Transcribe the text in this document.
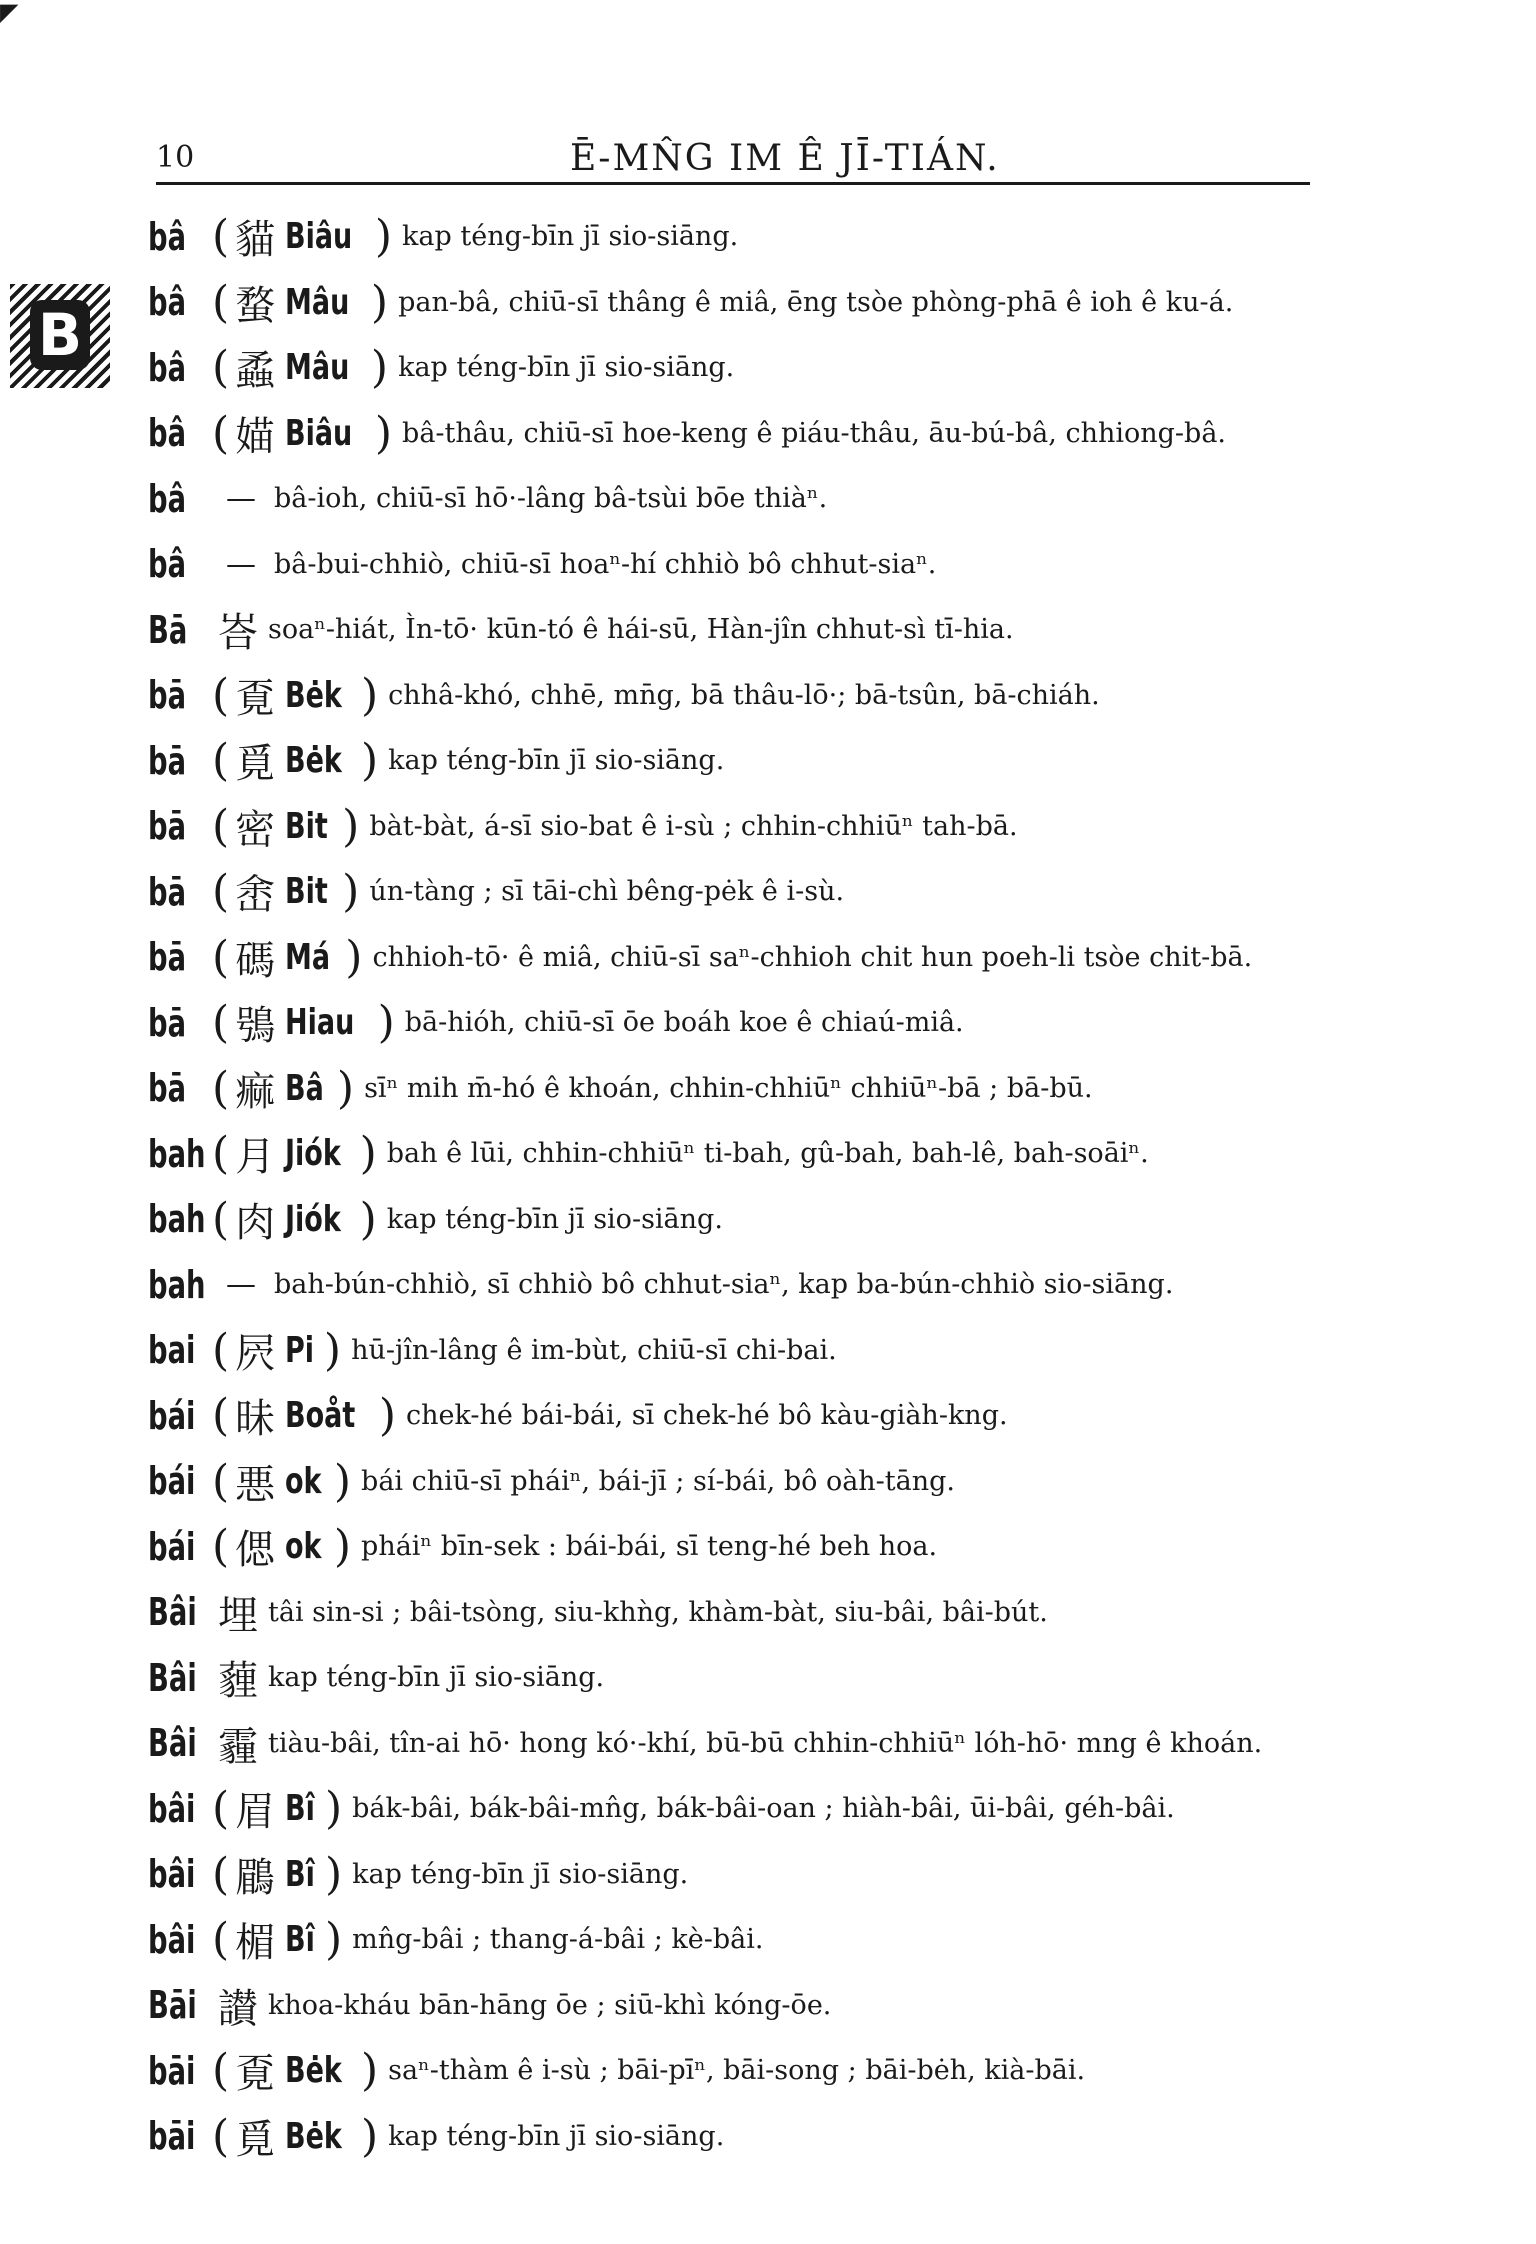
◤
10	Ē-MN̂G IM Ê JĪ-TIÁN.
B
bâ ( 貓 Biâu ) kap téng-bīn jī sio-siāng.
bâ ( 蝥 Mâu ) pan-bâ, chiū-sī thâng ê miâ, ēng tsòe phòng-phā ê ioh ê ku-á.
bâ ( 蟊 Mâu ) kap téng-bīn jī sio-siāng.
bâ ( 媌 Biâu ) bâ-thâu, chiū-sī hoe-keng ê piáu-thâu, āu-bú-bâ, chhiong-bâ.
bâ — bâ-ioh, chiū-sī hō·-lâng bâ-tsùi bōe thiàⁿ.
bâ — bâ-bui-chhiò, chiū-sī hoaⁿ-hí chhiò bô chhut-siaⁿ.
Bā 峇 soaⁿ-hiát, Ìn-tō· kūn-tó ê hái-sū, Hàn-jîn chhut-sì tī-hia.
bā ( 覔 Bėk ) chhâ-khó, chhē, mn̄g, bā thâu-lō·; bā-tsûn, bā-chiáh.
bā ( 覓 Bėk ) kap téng-bīn jī sio-siāng.
bā ( 密 Bit ) bàt-bàt, á-sī sio-bat ê i-sù ; chhin-chhiūⁿ tah-bā.
bā ( 峹 Bit ) ún-tàng ; sī tāi-chì bêng-pėk ê i-sù.
bā ( 碼 Má ) chhioh-tō· ê miâ, chiū-sī saⁿ-chhioh chit hun poeh-li tsòe chit-bā.
bā ( 鴞 Hiau ) bā-hióh, chiū-sī ōe boáh koe ê chiaú-miâ.
bā ( 痲 Bâ ) sīⁿ mih m̄-hó ê khoán, chhin-chhiūⁿ chhiūⁿ-bā ; bā-bū.
bah ( 月 Jiók ) bah ê lūi, chhin-chhiūⁿ ti-bah, gû-bah, bah-lê, bah-soāiⁿ.
bah ( 肉 Jiók ) kap téng-bīn jī sio-siāng.
bah — bah-bún-chhiò, sī chhiò bô chhut-siaⁿ, kap ba-bún-chhiò sio-siāng.
bai ( 屄 Pi ) hū-jîn-lâng ê im-bùt, chiū-sī chi-bai.
bái ( 昧 Boåt ) chek-hé bái-bái, sī chek-hé bô kàu-giàh-kng.
bái ( 悪 ok ) bái chiū-sī pháiⁿ, bái-jī ; sí-bái, bô oàh-tāng.
bái ( 偲 ok ) pháiⁿ bīn-sek : bái-bái, sī teng-hé beh hoa.
Bâi 埋 tâi sin-si ; bâi-tsòng, siu-khǹg, khàm-bàt, siu-bâi, bâi-bút.
Bâi 薶 kap téng-bīn jī sio-siāng.
Bâi 霾 tiàu-bâi, tîn-ai hō· hong kó·-khí, bū-bū chhin-chhiūⁿ lóh-hō· mng ê khoán.
bâi ( 眉 Bî ) bák-bâi, bák-bâi-mn̂g, bák-bâi-oan ; hiàh-bâi, ūi-bâi, géh-bâi.
bâi ( 鶥 Bî ) kap téng-bīn jī sio-siāng.
bâi ( 楣 Bî ) mn̂g-bâi ; thang-á-bâi ; kè-bâi.
Bāi 讃 khoa-kháu bān-hāng ōe ; siū-khì kóng-ōe.
bāi ( 覔 Bėk ) saⁿ-thàm ê i-sù ; bāi-pīⁿ, bāi-song ; bāi-bėh, kià-bāi.
bāi ( 覓 Bėk ) kap téng-bīn jī sio-siāng.
